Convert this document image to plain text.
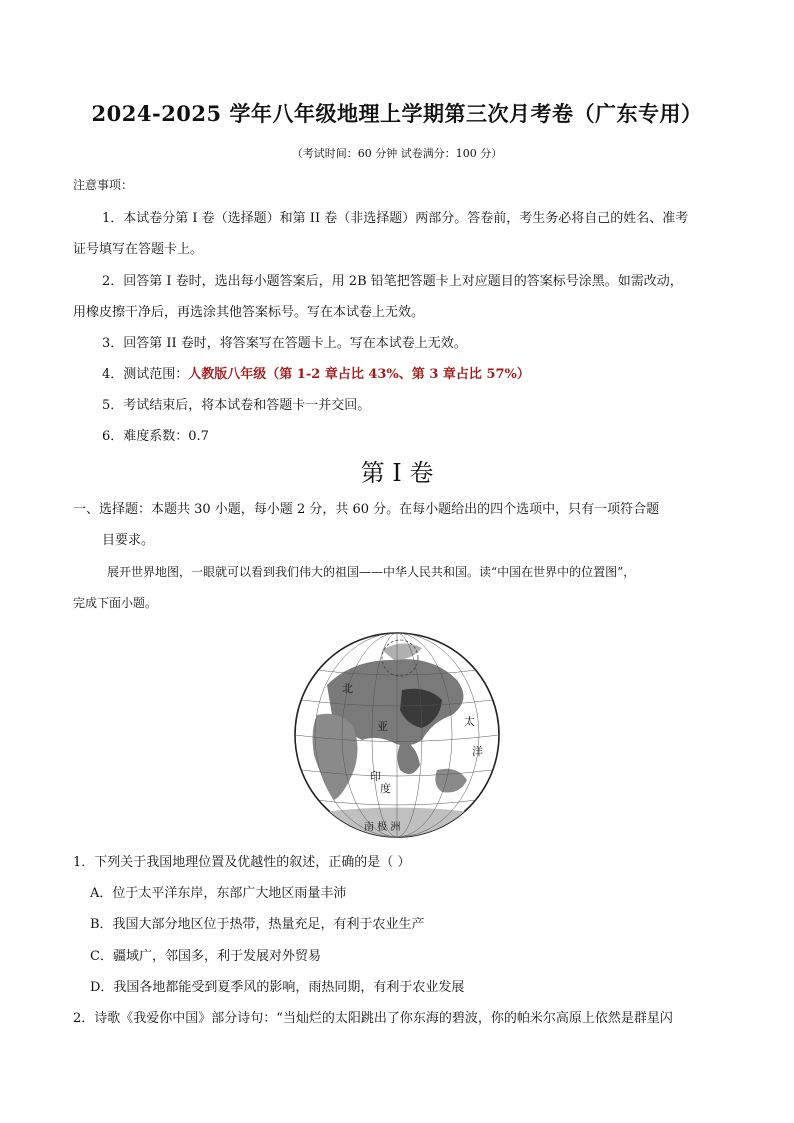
2024-2025 学年八年级地理上学期第三次月考卷（广东专用）
（考试时间：60 分钟 试卷满分：100 分）
注意事项：
1．本试卷分第 I 卷（选择题）和第 II 卷（非选择题）两部分。答卷前，考生务必将自己的姓名、准考
证号填写在答题卡上。
2．回答第 I 卷时，选出每小题答案后，用 2B 铅笔把答题卡上对应题目的答案标号涂黑。如需改动，
用橡皮擦干净后，再选涂其他答案标号。写在本试卷上无效。
3．回答第 II 卷时，将答案写在答题卡上。写在本试卷上无效。
4．测试范围：人教版八年级（第 1-2 章占比 43%、第 3 章占比 57%）
5．考试结束后，将本试卷和答题卡一并交回。
6．难度系数：0.7
第 I 卷
一、选择题：本题共 30 小题，每小题 2 分，共 60 分。在每小题给出的四个选项中，只有一项符合题
目要求。
展开世界地图，一眼就可以看到我们伟大的祖国——中华人民共和国。读“中国在世界中的位置图”，
完成下面小题。
北
亚	太
洋
印
度
南 极 洲
1．下列关于我国地理位置及优越性的叙述，正确的是（ ）
A．位于太平洋东岸，东部广大地区雨量丰沛
B．我国大部分地区位于热带，热量充足，有利于农业生产
C．疆域广，邻国多，利于发展对外贸易
D．我国各地都能受到夏季风的影响，雨热同期，有利于农业发展
2．诗歌《我爱你中国》部分诗句：“当灿烂的太阳跳出了你东海的碧波，你的帕米尔高原上依然是群星闪
